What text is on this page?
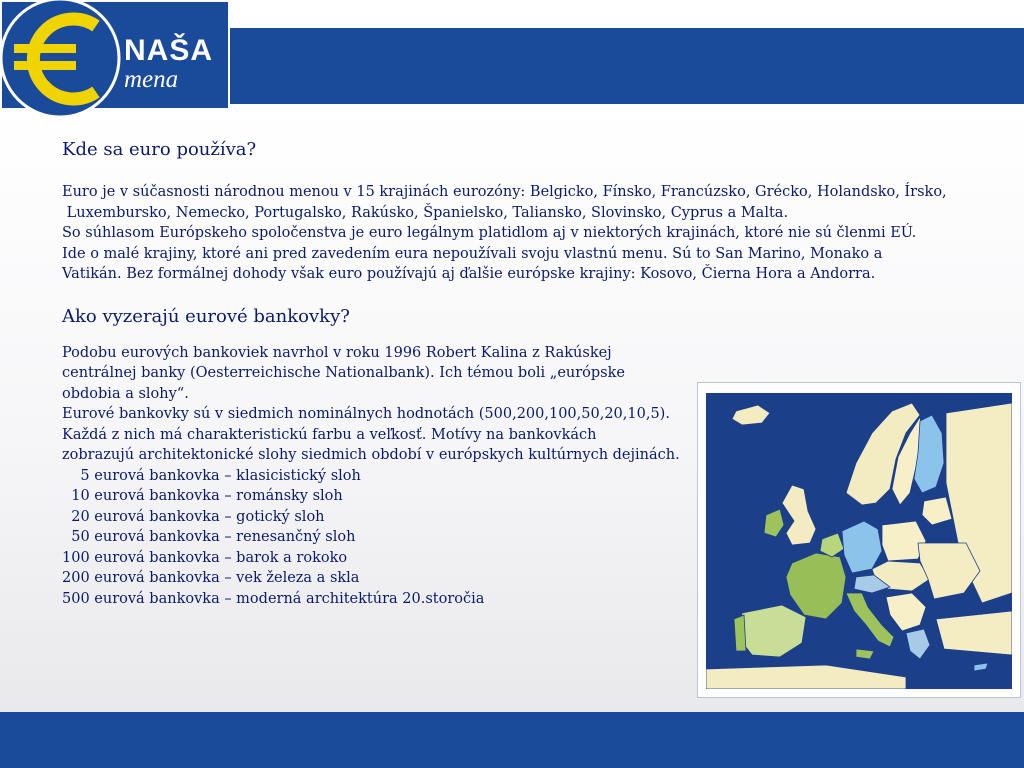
NAŠA
mena

Kde sa euro používa?

Euro je v súčasnosti národnou menou v 15 krajinách eurozóny: Belgicko, Fínsko, Francúzsko, Grécko, Holandsko, Írsko,

Luxembursko, Nemecko, Portugalsko, Rakúsko, Španielsko, Taliansko, Slovinsko, Cyprus a Malta.

So súhlasom Európskeho spoločenstva je euro legálnym platidlom aj v niektorých krajinách, ktoré nie sú členmi EÚ.

Ide o malé krajiny, ktoré ani pred zavedením eura nepoužívali svoju vlastnú menu. Sú to San Marino, Monako a

Vatikán. Bez formálnej dohody však euro používajú aj ďalšie európske krajiny: Kosovo, Čierna Hora a Andorra.

Ako vyzerajú eurové bankovky?

Podobu eurových bankoviek navrhol v roku 1996 Robert Kalina z Rakúskej

centrálnej banky (Oesterreichische Nationalbank). Ich témou boli „európske

obdobia a slohy“.

Eurové bankovky sú v siedmich nominálnych hodnotách (500,200,100,50,20,10,5).

Každá z nich má charakteristickú farbu a veľkosť. Motívy na bankovkách

zobrazujú architektonické slohy siedmich období v európskych kultúrnych dejinách.

5 eurová bankovka – klasicistický sloh

10 eurová bankovka – románsky sloh

20 eurová bankovka – gotický sloh

50 eurová bankovka – renesančný sloh

100 eurová bankovka – barok a rokoko

200 eurová bankovka – vek železa a skla

500 eurová bankovka – moderná architektúra 20.storočia
